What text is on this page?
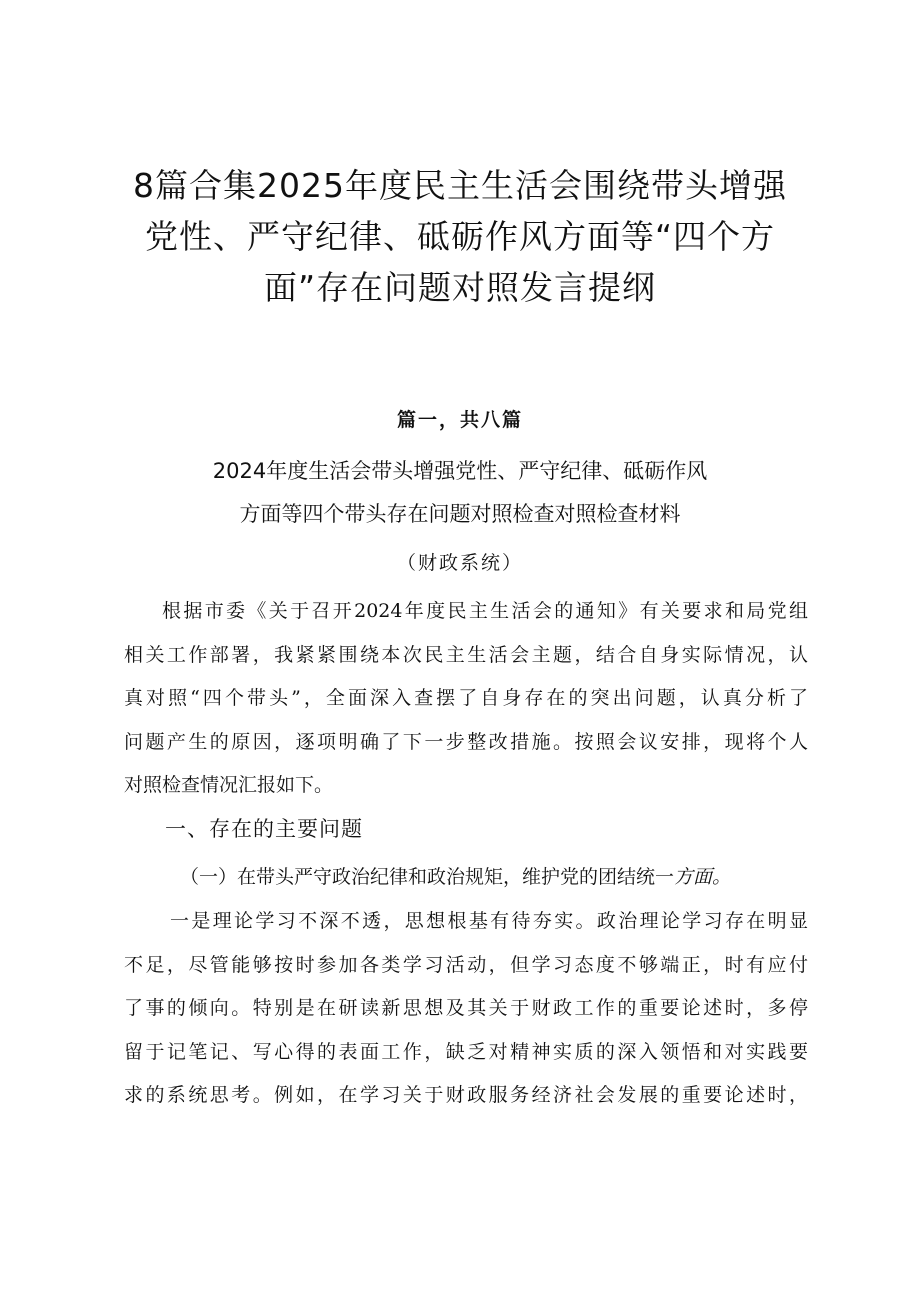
8篇合集2025年度民主生活会围绕带头增强
党性、严守纪律、砥砺作风方面等“四个方
面”存在问题对照发言提纲
篇一，共八篇
2024年度生活会带头增强党性、严守纪律、砥砺作风
方面等四个带头存在问题对照检查对照检查材料
（财政系统）

根据市委《关于召开2024年度民主生活会的通知》有关要求和局党组
相关工作部署，我紧紧围绕本次民主生活会主题，结合自身实际情况，认
真对照“四个带头”，全面深入查摆了自身存在的突出问题，认真分析了
问题产生的原因，逐项明确了下一步整改措施。按照会议安排，现将个人
对照检查情况汇报如下。

一、存在的主要问题

（一）在带头严守政治纪律和政治规矩，维护党的团结统一方面。

一是理论学习不深不透，思想根基有待夯实。政治理论学习存在明显
不足，尽管能够按时参加各类学习活动，但学习态度不够端正，时有应付
了事的倾向。特别是在研读新思想及其关于财政工作的重要论述时，多停
留于记笔记、写心得的表面工作，缺乏对精神实质的深入领悟和对实践要
求的系统思考。例如，在学习关于财政服务经济社会发展的重要论述时，
